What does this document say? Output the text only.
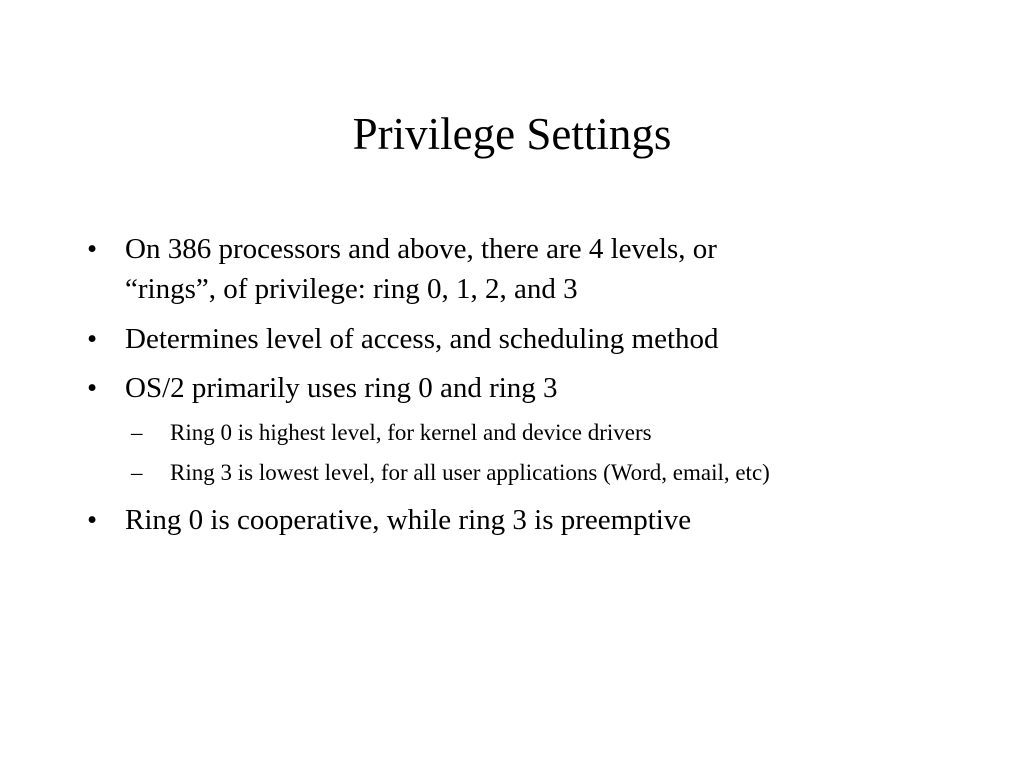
Privilege Settings
• On 386 processors and above, there are 4 levels, or
“rings”, of privilege: ring 0, 1, 2, and 3
• Determines level of access, and scheduling method
• OS/2 primarily uses ring 0 and ring 3
– Ring 0 is highest level, for kernel and device drivers
– Ring 3 is lowest level, for all user applications (Word, email, etc)
• Ring 0 is cooperative, while ring 3 is preemptive
